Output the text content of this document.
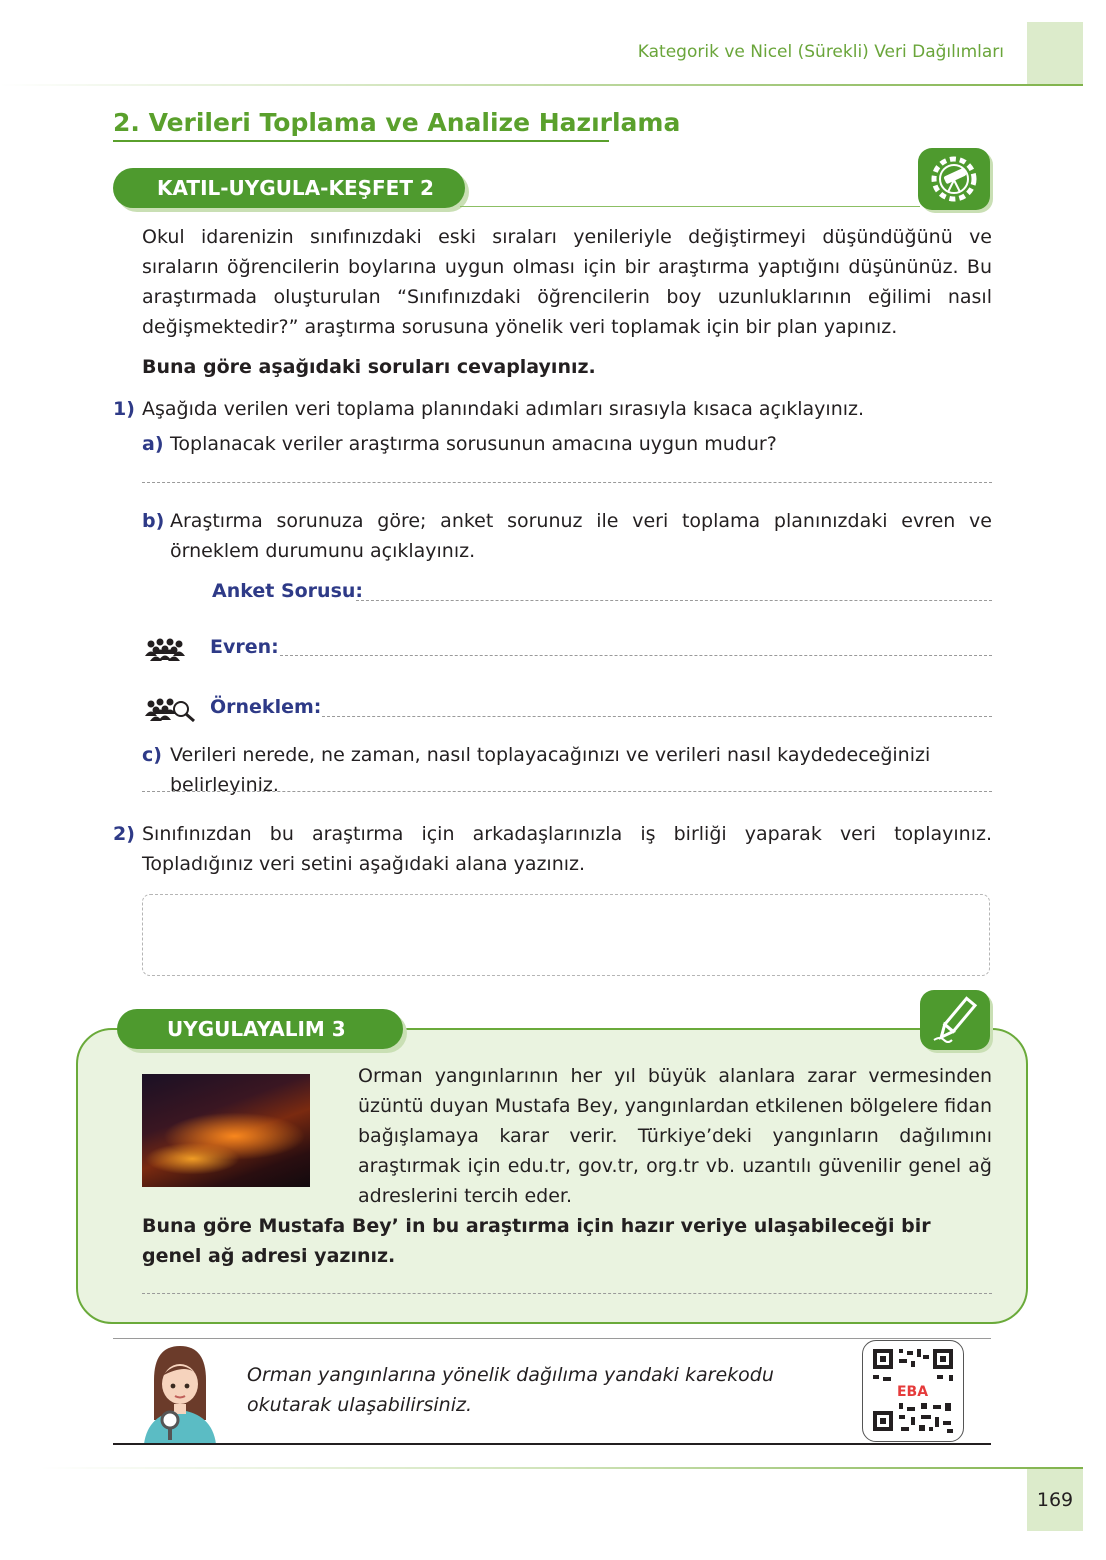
Kategorik ve Nicel (Sürekli) Veri Dağılımları
2. Verileri Toplama ve Analize Hazırlama
KATIL-UYGULA-KEŞFET 2
Okul idarenizin sınıfınızdaki eski sıraları yenileriyle değiştirmeyi düşündüğünü ve sıraların öğrencilerin boylarına uygun olması için bir araştırma yaptığını düşününüz. Bu araştırmada oluşturulan “Sınıfınızdaki öğrencilerin boy uzunluklarının eğilimi nasıl değişmektedir?” araştırma sorusuna yönelik veri toplamak için bir plan yapınız.
Buna göre aşağıdaki soruları cevaplayınız.
1) Aşağıda verilen veri toplama planındaki adımları sırasıyla kısaca açıklayınız.
a) Toplanacak veriler araştırma sorusunun amacına uygun mudur?
b) Araştırma sorunuza göre; anket sorunuz ile veri toplama planınızdaki evren ve örneklem durumunu açıklayınız.
Anket Sorusu:
Evren:
Örneklem:
c) Verileri nerede, ne zaman, nasıl toplayacağınızı ve verileri nasıl kaydedeceğinizi belirleyiniz.
2) Sınıfınızdan bu araştırma için arkadaşlarınızla iş birliği yaparak veri toplayınız. Topladığınız veri setini aşağıdaki alana yazınız.
UYGULAYALIM 3
Orman yangınlarının her yıl büyük alanlara zarar vermesinden üzüntü duyan Mustafa Bey, yangınlardan etkilenen bölgelere fidan bağışlamaya karar verir. Türkiye’deki yangınların dağılımını araştırmak için edu.tr, gov.tr, org.tr vb. uzantılı güvenilir genel ağ adreslerini tercih eder.
Buna göre Mustafa Bey’ in bu araştırma için hazır veriye ulaşabileceği bir genel ağ adresi yazınız.
Orman yangınlarına yönelik dağılıma yandaki karekodu okutarak ulaşabilirsiniz.
EBA
169
